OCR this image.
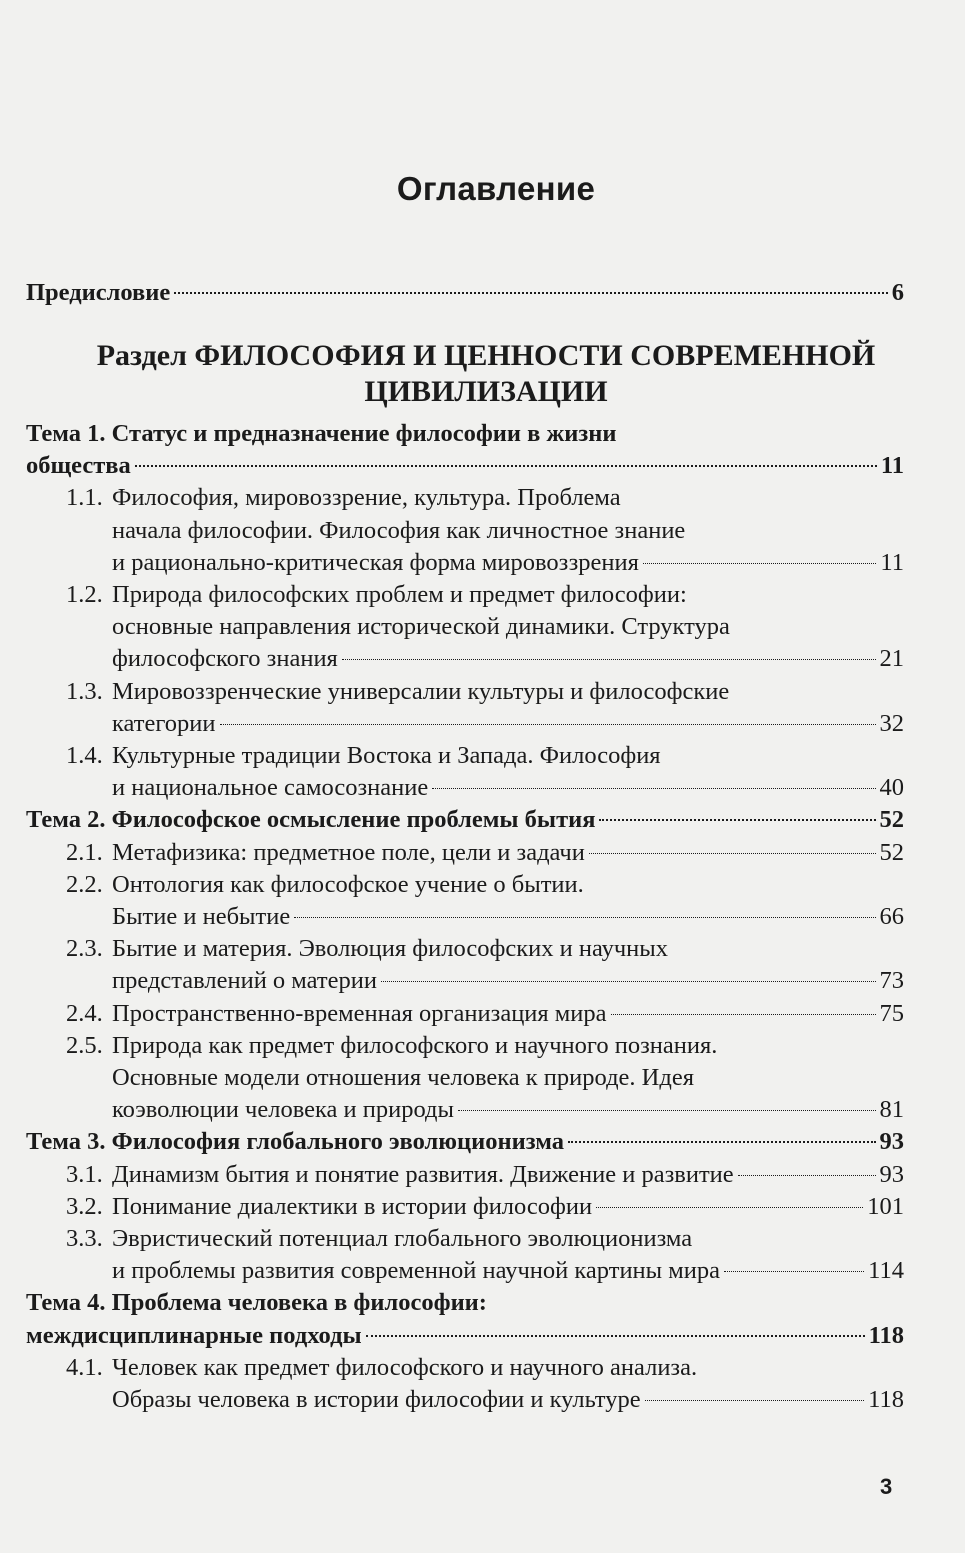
Оглавление
Предисловие	6
Раздел ФИЛОСОФИЯ И ЦЕННОСТИ СОВРЕМЕННОЙ
ЦИВИЛИЗАЦИИ
Тема 1. Статус и предназначение философии в жизни
общества	11
1.1. Философия, мировоззрение, культура. Проблема
начала философии. Философия как личностное знание
и рационально-критическая форма мировоззрения	11
1.2. Природа философских проблем и предмет философии:
основные направления исторической динамики. Структура
философского знания	21
1.3. Мировоззренческие универсалии культуры и философские
категории	32
1.4. Культурные традиции Востока и Запада. Философия
и национальное самосознание	40
Тема 2. Философское осмысление проблемы бытия	52
2.1. Метафизика: предметное поле, цели и задачи	52
2.2. Онтология как философское учение о бытии.
Бытие и небытие	66
2.3. Бытие и материя. Эволюция философских и научных
представлений о материи	73
2.4. Пространственно-временная организация мира	75
2.5. Природа как предмет философского и научного познания.
Основные модели отношения человека к природе. Идея
коэволюции человека и природы	81
Тема 3. Философия глобального эволюционизма	93
3.1. Динамизм бытия и понятие развития. Движение и развитие	93
3.2. Понимание диалектики в истории философии	101
3.3. Эвристический потенциал глобального эволюционизма
и проблемы развития современной научной картины мира	114
Тема 4. Проблема человека в философии:
междисциплинарные подходы	118
4.1. Человек как предмет философского и научного анализа.
Образы человека в истории философии и культуре	118
3
